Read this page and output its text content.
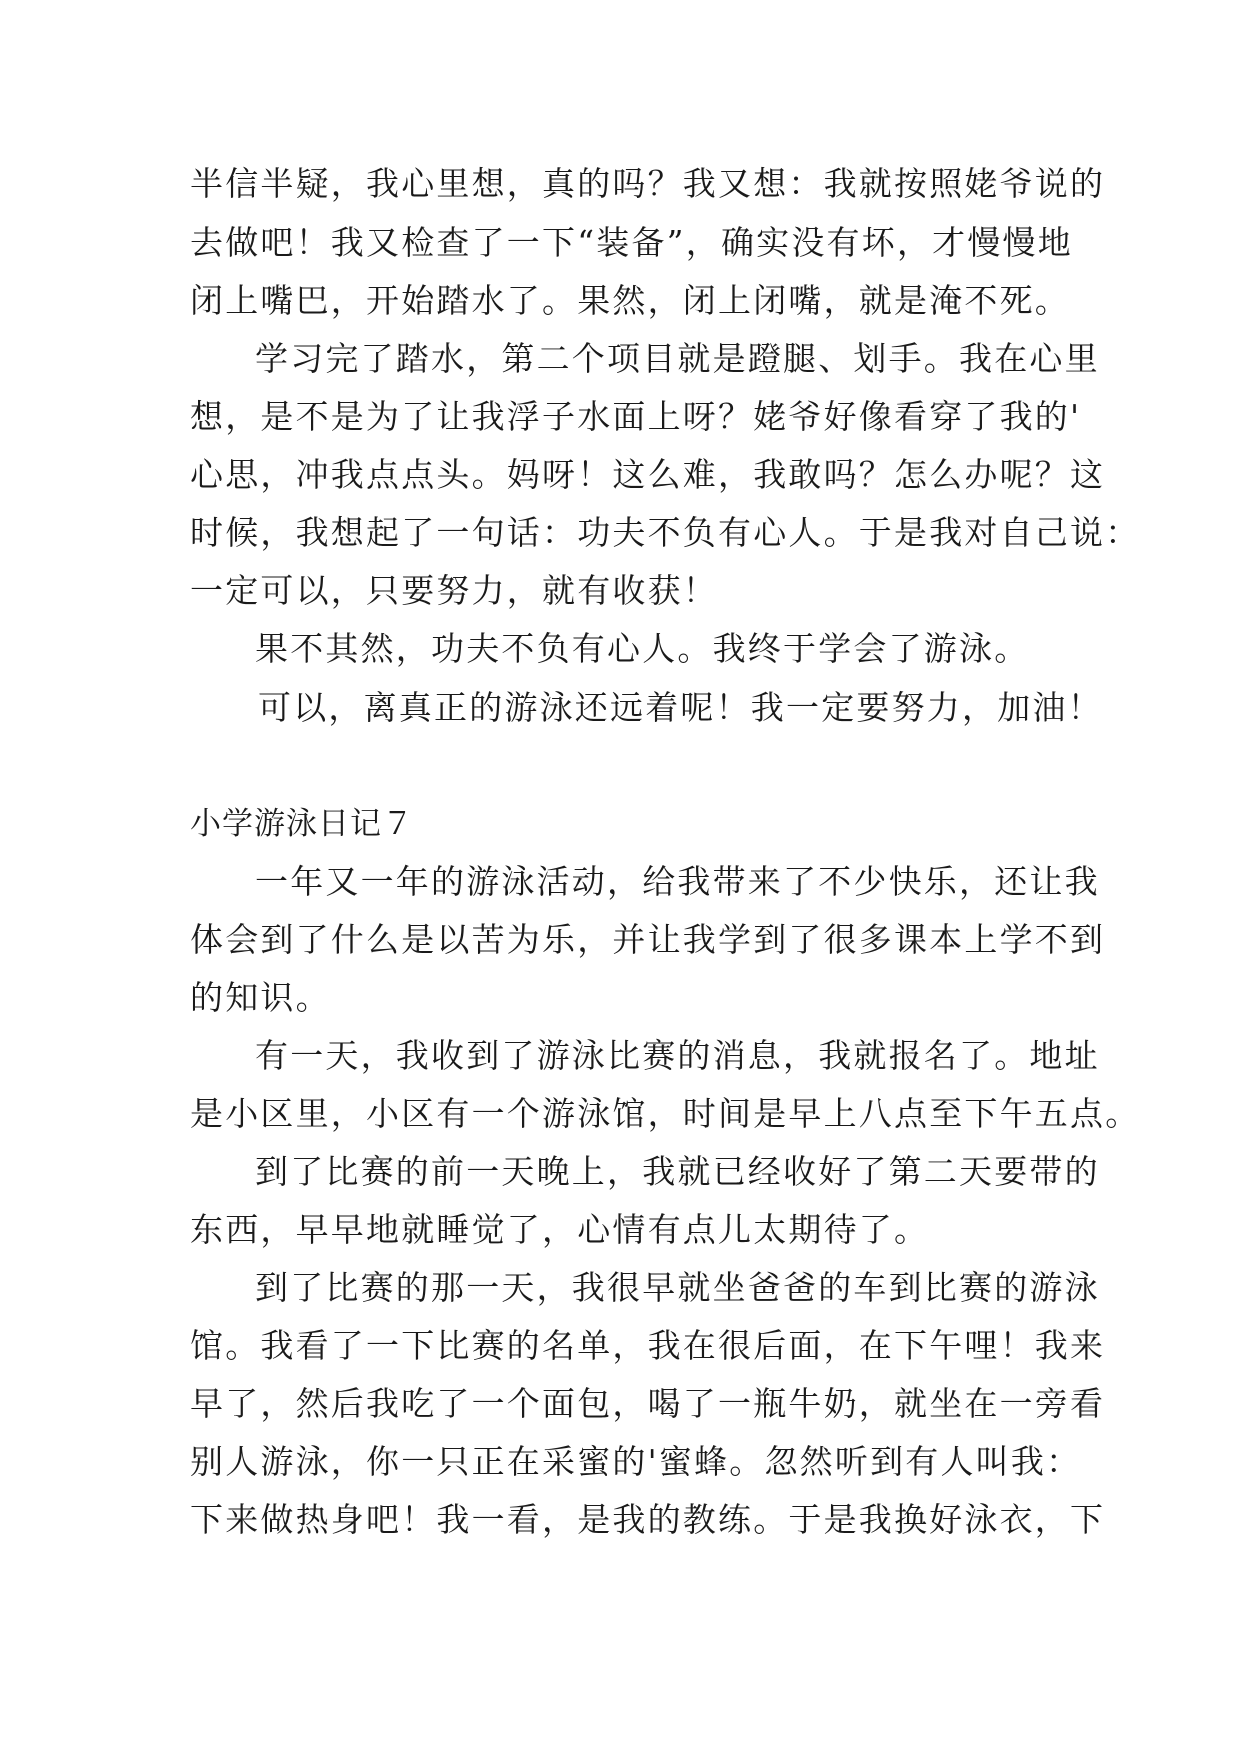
半信半疑，我心里想，真的吗？我又想：我就按照姥爷说的
去做吧！我又检查了一下“装备”，确实没有坏，才慢慢地
闭上嘴巴，开始踏水了。果然，闭上闭嘴，就是淹不死。
学习完了踏水，第二个项目就是蹬腿、划手。我在心里
想，是不是为了让我浮子水面上呀？姥爷好像看穿了我的'
心思，冲我点点头。妈呀！这么难，我敢吗？怎么办呢？这
时候，我想起了一句话：功夫不负有心人。于是我对自己说：
一定可以，只要努力，就有收获！
果不其然，功夫不负有心人。我终于学会了游泳。
可以，离真正的游泳还远着呢！我一定要努力，加油！
小学游泳日记７
一年又一年的游泳活动，给我带来了不少快乐，还让我
体会到了什么是以苦为乐，并让我学到了很多课本上学不到
的知识。
有一天，我收到了游泳比赛的消息，我就报名了。地址
是小区里，小区有一个游泳馆，时间是早上八点至下午五点。
到了比赛的前一天晚上，我就已经收好了第二天要带的
东西，早早地就睡觉了，心情有点儿太期待了。
到了比赛的那一天，我很早就坐爸爸的车到比赛的游泳
馆。我看了一下比赛的名单，我在很后面，在下午哩！我来
早了，然后我吃了一个面包，喝了一瓶牛奶，就坐在一旁看
别人游泳，你一只正在采蜜的'蜜蜂。忽然听到有人叫我：
下来做热身吧！我一看，是我的教练。于是我换好泳衣，下
